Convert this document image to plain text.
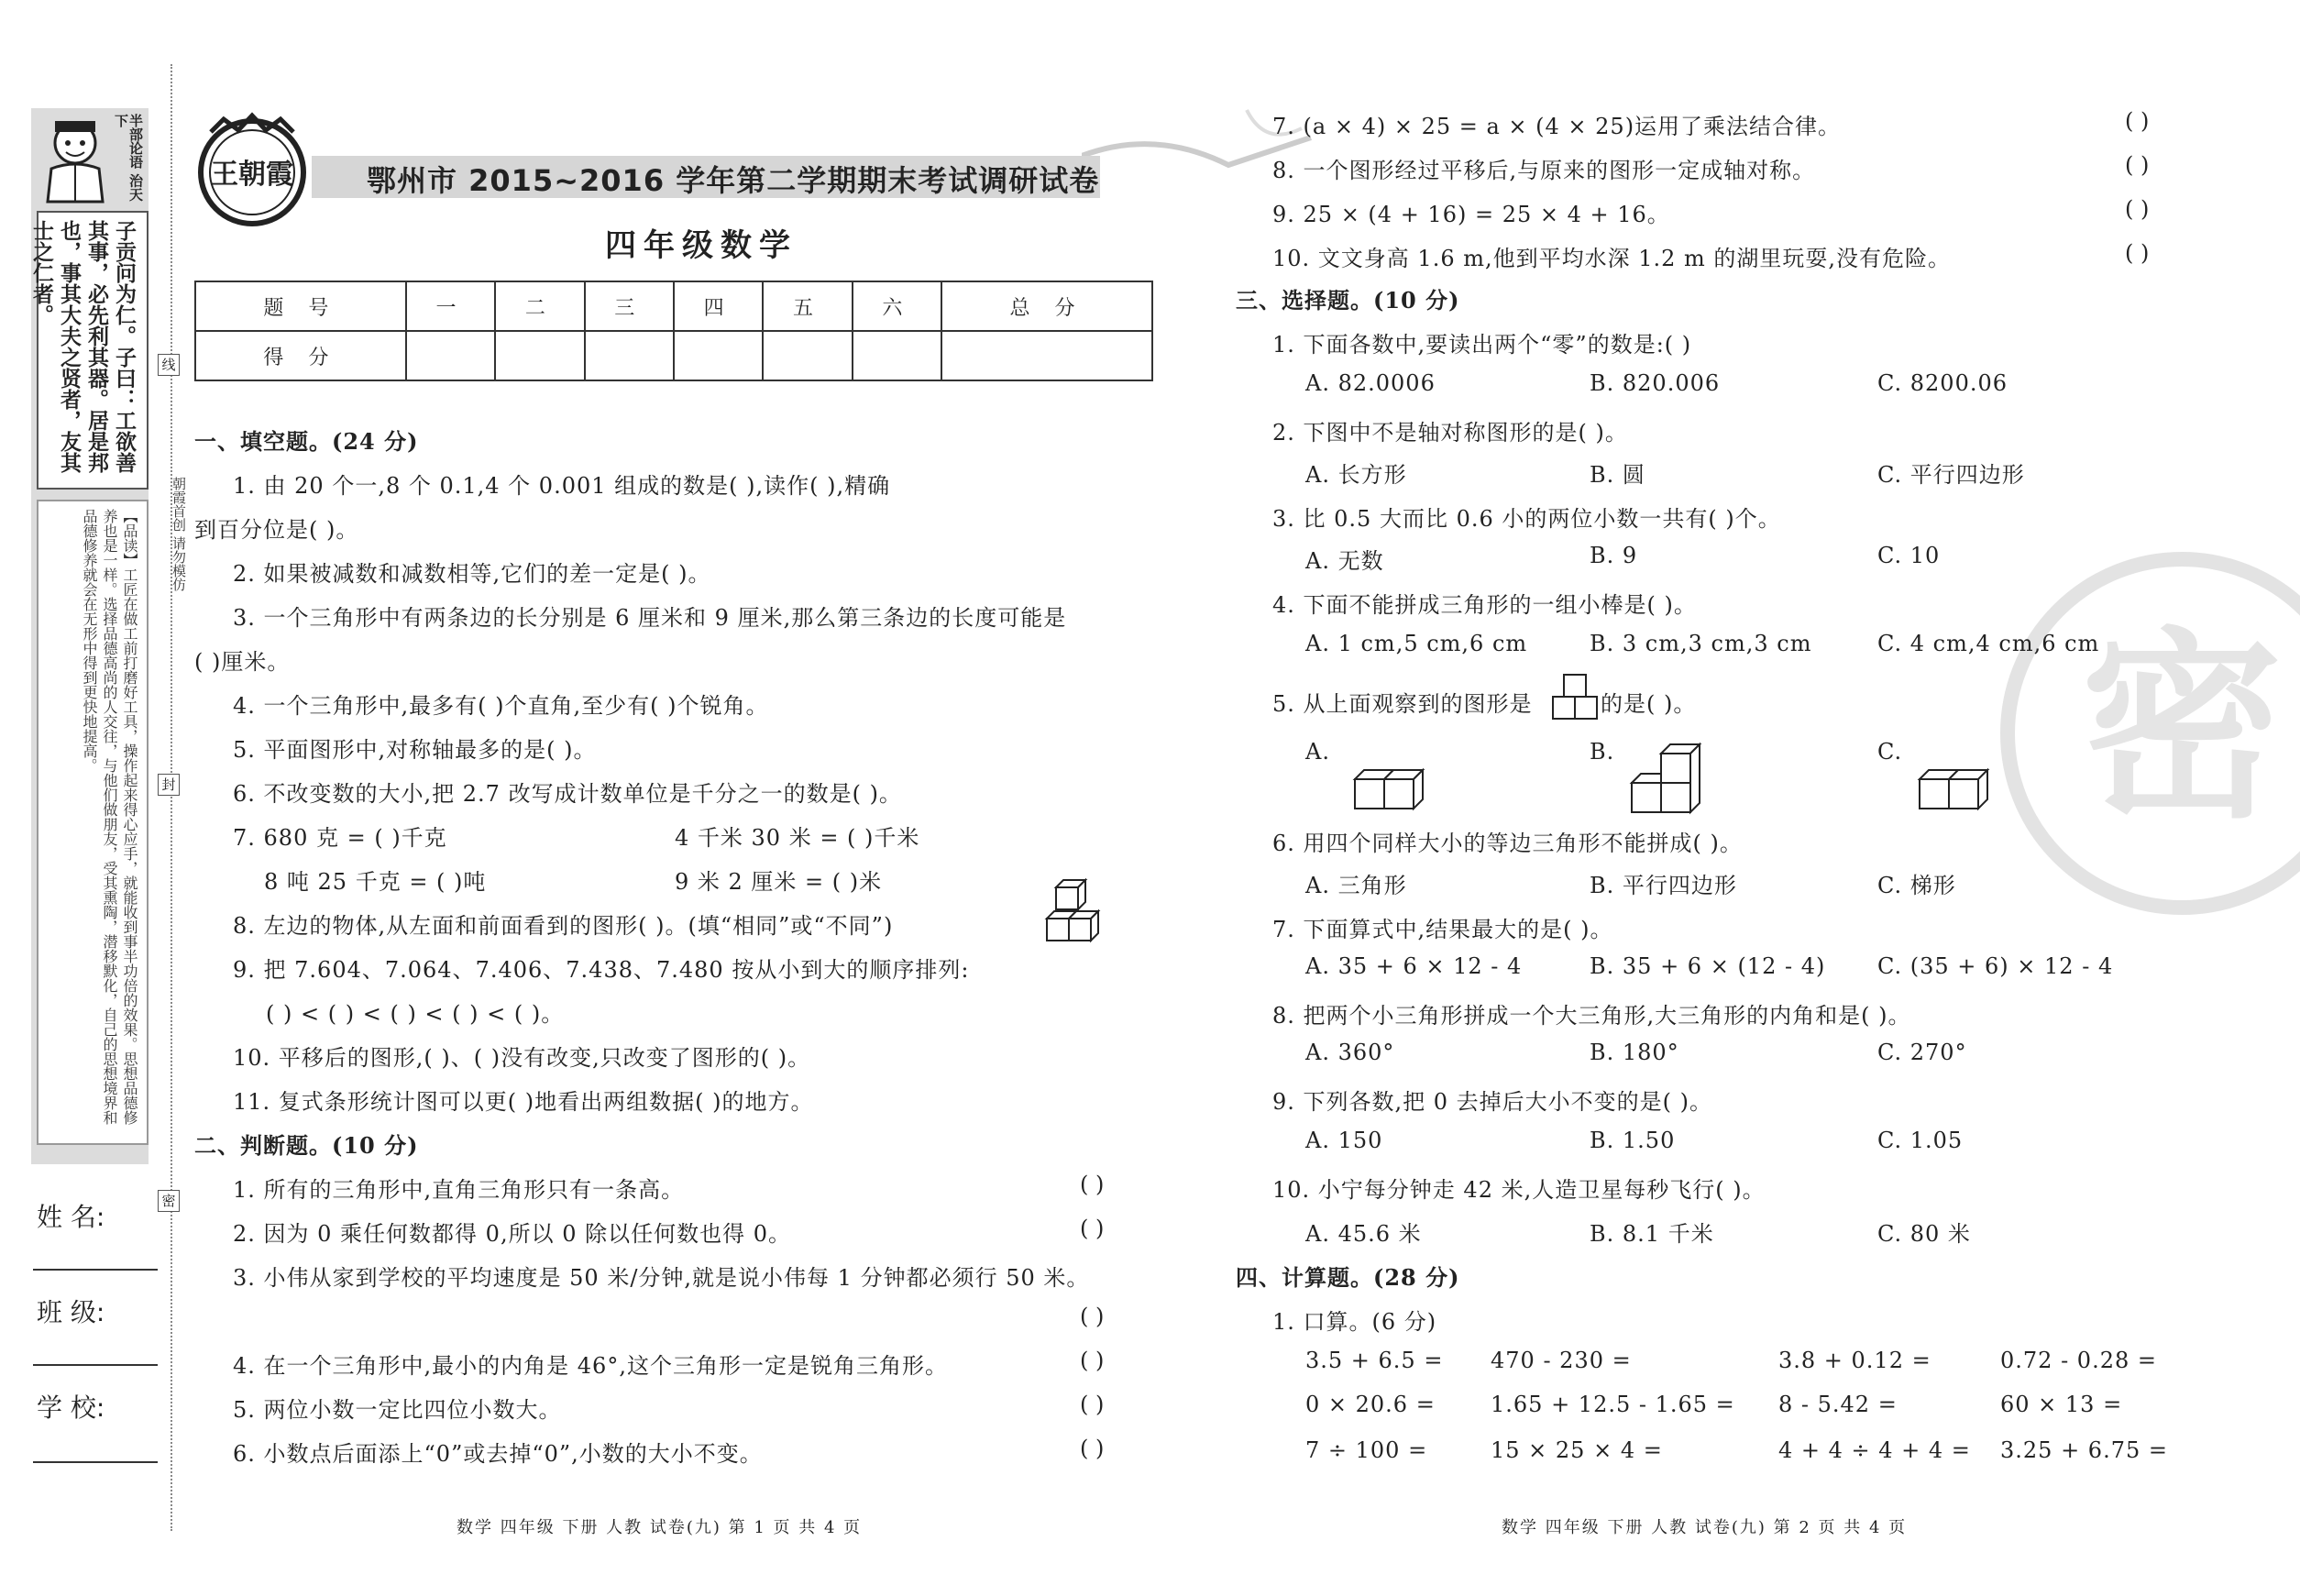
半部论语 治天下
子贡问为仁。子曰：工欲善其事，必先利其器。居是邦也，事其大夫之贤者，友其士之仁者。
【品读】工匠在做工前打磨好工具，操作起来得心应手，就能收到事半功倍的效果。思想品德修养也是一样。选择品德高尚的人交往，与他们做朋友，受其熏陶，潜移默化，自己的思想境界和品德修养就会在无形中得到更快地提高。
姓 名:
班 级:
学 校:
线
封
密
朝霞首创 请勿模仿
王朝霞	鄂州市 2015~2016 学年第二学期期末考试调研试卷
四年级数学
题 号	一	二	三	四	五	六	总 分
得 分							
一、填空题。(24 分)
1. 由 20 个一,8 个 0.1,4 个 0.001 组成的数是( ),读作( ),精确
到百分位是( )。
2. 如果被减数和减数相等,它们的差一定是( )。
3. 一个三角形中有两条边的长分别是 6 厘米和 9 厘米,那么第三条边的长度可能是
( )厘米。
4. 一个三角形中,最多有( )个直角,至少有( )个锐角。
5. 平面图形中,对称轴最多的是( )。
6. 不改变数的大小,把 2.7 改写成计数单位是千分之一的数是( )。
7. 680 克 = ( )千克	4 千米 30 米 = ( )千米
8 吨 25 千克 = ( )吨	9 米 2 厘米 = ( )米
8. 左边的物体,从左面和前面看到的图形( )。(填“相同”或“不同”)
9. 把 7.604、7.064、7.406、7.438、7.480 按从小到大的顺序排列:
( ) < ( ) < ( ) < ( ) < ( )。
10. 平移后的图形,( )、( )没有改变,只改变了图形的( )。
11. 复式条形统计图可以更( )地看出两组数据( )的地方。
二、判断题。(10 分)
1. 所有的三角形中,直角三角形只有一条高。	( )
2. 因为 0 乘任何数都得 0,所以 0 除以任何数也得 0。	( )
3. 小伟从家到学校的平均速度是 50 米/分钟,就是说小伟每 1 分钟都必须行 50 米。
( )
4. 在一个三角形中,最小的内角是 46°,这个三角形一定是锐角三角形。	( )
5. 两位小数一定比四位小数大。	( )
6. 小数点后面添上“0”或去掉“0”,小数的大小不变。	( )
数学 四年级 下册 人教 试卷(九) 第 1 页 共 4 页
密
7. (a × 4) × 25 = a × (4 × 25)运用了乘法结合律。	( )
8. 一个图形经过平移后,与原来的图形一定成轴对称。	( )
9. 25 × (4 + 16) = 25 × 4 + 16。	( )
10. 文文身高 1.6 m,他到平均水深 1.2 m 的湖里玩耍,没有危险。	( )
三、选择题。(10 分)
1. 下面各数中,要读出两个“零”的数是:( )
A. 82.0006	B. 820.006	C. 8200.06
2. 下图中不是轴对称图形的是( )。
A. 长方形	B. 圆	C. 平行四边形
3. 比 0.5 大而比 0.6 小的两位小数一共有( )个。
A. 无数	B. 9	C. 10
4. 下面不能拼成三角形的一组小棒是( )。
A. 1 cm,5 cm,6 cm	B. 3 cm,3 cm,3 cm	C. 4 cm,4 cm,6 cm
5. 从上面观察到的图形是	的是( )。
A.	B.	C.
6. 用四个同样大小的等边三角形不能拼成( )。
A. 三角形	B. 平行四边形	C. 梯形
7. 下面算式中,结果最大的是( )。
A. 35 + 6 × 12 - 4	B. 35 + 6 × (12 - 4) C. (35 + 6) × 12 - 4
8. 把两个小三角形拼成一个大三角形,大三角形的内角和是( )。
A. 360°	B. 180°	C. 270°
9. 下列各数,把 0 去掉后大小不变的是( )。
A. 150	B. 1.50	C. 1.05
10. 小宁每分钟走 42 米,人造卫星每秒飞行( )。
A. 45.6 米	B. 8.1 千米	C. 80 米
四、计算题。(28 分)
1. 口算。(6 分)
3.5 + 6.5 = 470 - 230 =	3.8 + 0.12 =	0.72 - 0.28 =
0 × 20.6 =	1.65 + 12.5 - 1.65 = 8 - 5.42 =	60 × 13 =
7 ÷ 100 =	15 × 25 × 4 =	4 + 4 ÷ 4 + 4 = 3.25 + 6.75 =
数学 四年级 下册 人教 试卷(九) 第 2 页 共 4 页
